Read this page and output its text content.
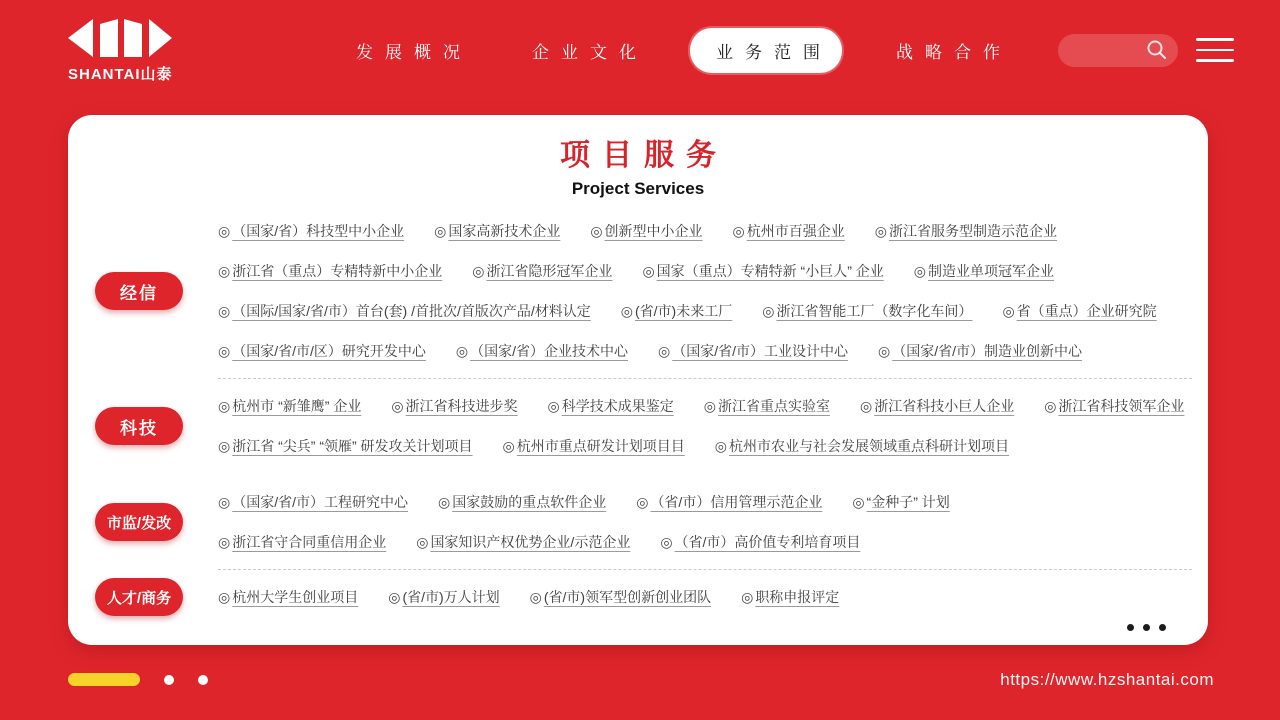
SHANTAI山泰
发展概况	企业文化	业务范围	战略合作
项目服务
Project Services
经信
◎ （国家/省）科技型中小企业 ◎ 国家高新技术企业 ◎ 创新型中小企业 ◎ 杭州市百强企业 ◎ 浙江省服务型制造示范企业
◎ 浙江省（重点）专精特新中小企业 ◎ 浙江省隐形冠军企业 ◎ 国家（重点）专精特新 “小巨人” 企业 ◎ 制造业单项冠军企业
◎ （国际/国家/省/市）首台(套) /首批次/首版次产品/材料认定 ◎ (省/市)未来工厂 ◎ 浙江省智能工厂（数字化车间） ◎ 省（重点）企业研究院
◎ （国家/省/市/区）研究开发中心 ◎ （国家/省）企业技术中心 ◎ （国家/省/市）工业设计中心 ◎ （国家/省/市）制造业创新中心
科技
◎ 杭州市 “新雏鹰” 企业 ◎ 浙江省科技进步奖 ◎ 科学技术成果鉴定 ◎ 浙江省重点实验室 ◎ 浙江省科技小巨人企业 ◎ 浙江省科技领军企业
◎ 浙江省 “尖兵” “领雁” 研发攻关计划项目 ◎ 杭州市重点研发计划项目目 ◎ 杭州市农业与社会发展领域重点科研计划项目
市监/发改
◎ （国家/省/市）工程研究中心 ◎ 国家鼓励的重点软件企业 ◎ （省/市）信用管理示范企业 ◎ “金种子” 计划
◎ 浙江省守合同重信用企业 ◎ 国家知识产权优势企业/示范企业 ◎ （省/市）高价值专利培育项目
人才/商务	◎ 杭州大学生创业项目 ◎ (省/市)万人计划 ◎ (省/市)领军型创新创业团队 ◎ 职称申报评定
https://www.hzshantai.com
